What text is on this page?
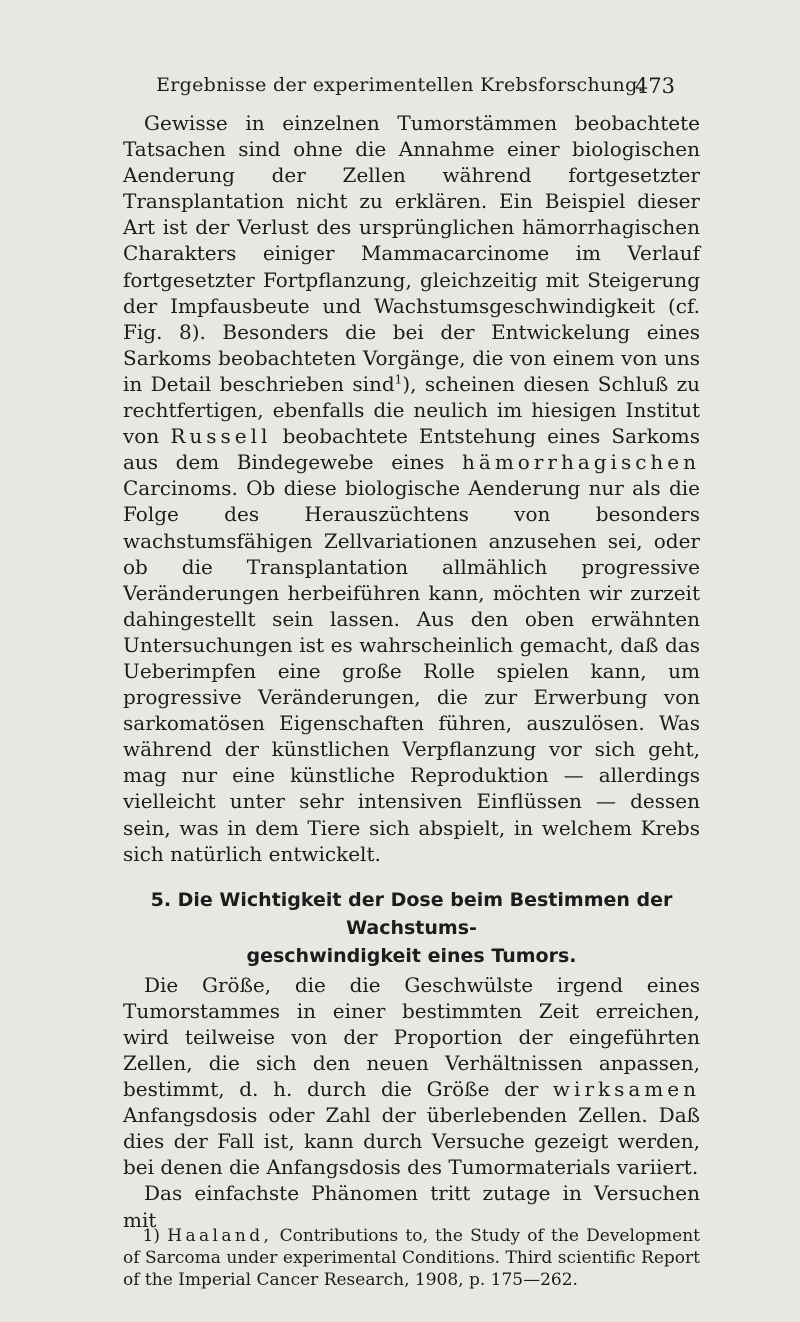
Ergebnisse der experimentellen Krebsforschung.
473

Gewisse in einzelnen Tumorstämmen beobachtete Tatsachen sind ohne die Annahme einer biologischen Aenderung der Zellen während fortgesetzter Transplantation nicht zu erklären. Ein Beispiel dieser Art ist der Verlust des ursprünglichen hämorrhagischen Charakters einiger Mammacarcinome im Verlauf fortgesetzter Fortpflanzung, gleichzeitig mit Steigerung der Impfausbeute und Wachstumsgeschwindigkeit (cf. Fig. 8). Besonders die bei der Entwickelung eines Sarkoms beobachteten Vorgänge, die von einem von uns in Detail beschrieben sind$^1$), scheinen diesen Schluß zu rechtfertigen, ebenfalls die neulich im hiesigen Institut von Russell beobachtete Entstehung eines Sarkoms aus dem Bindegewebe eines hämorrhagischen Carcinoms. Ob diese biologische Aenderung nur als die Folge des Herauszüchtens von besonders wachstumsfähigen Zellvariationen anzusehen sei, oder ob die Transplantation allmählich progressive Veränderungen herbeiführen kann, möchten wir zurzeit dahingestellt sein lassen. Aus den oben erwähnten Untersuchungen ist es wahrscheinlich gemacht, daß das Ueberimpfen eine große Rolle spielen kann, um progressive Veränderungen, die zur Erwerbung von sarkomatösen Eigenschaften führen, auszulösen. Was während der künstlichen Verpflanzung vor sich geht, mag nur eine künstliche Reproduktion — allerdings vielleicht unter sehr intensiven Einflüssen — dessen sein, was in dem Tiere sich abspielt, in welchem Krebs sich natürlich entwickelt.

5. Die Wichtigkeit der Dose beim Bestimmen der Wachstums-
geschwindigkeit eines Tumors.

Die Größe, die die Geschwülste irgend eines Tumorstammes in einer bestimmten Zeit erreichen, wird teilweise von der Proportion der eingeführten Zellen, die sich den neuen Verhältnissen anpassen, bestimmt, d. h. durch die Größe der wirksamen Anfangsdosis oder Zahl der überlebenden Zellen. Daß dies der Fall ist, kann durch Versuche gezeigt werden, bei denen die Anfangsdosis des Tumormaterials variiert.

Das einfachste Phänomen tritt zutage in Versuchen mit

1) Haaland, Contributions to‚ the Study of the Development of Sarcoma under experimental Conditions. Third scientific Report of the Imperial Cancer Research, 1908, p. 175—262.
